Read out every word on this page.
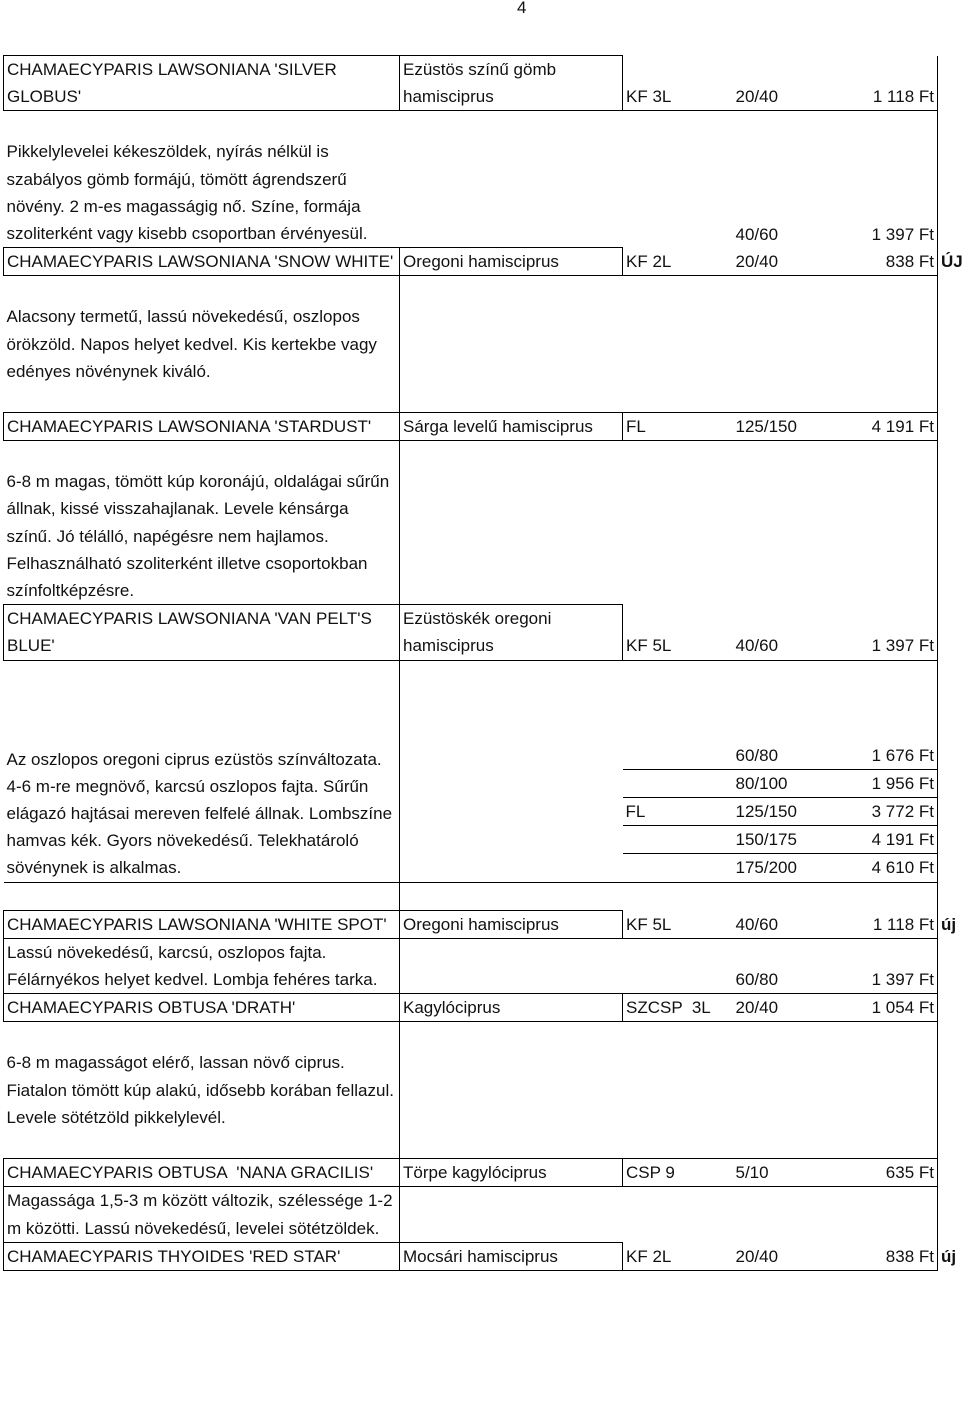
4
CHAMAECYPARIS LAWSONIANA 'SILVER GLOBUS'	Ezüstös színű gömb hamisciprus	KF 3L	20/40	1 118 Ft

Pikkelylevelei kékeszöldek, nyírás nélkül is szabályos gömb formájú, tömött ágrendszerű növény. 2 m-es magasságig nő. Színe, formája szoliterként vagy kisebb csoportban érvényesül.			40/60	1 397 Ft
CHAMAECYPARIS LAWSONIANA 'SNOW WHITE'	Oregoni hamisciprus	KF 2L	20/40	838 Ft ÚJ

Alacsony termetű, lassú növekedésű, oszlopos örökzöld. Napos helyet kedvel. Kis kertekbe vagy edényes növénynek kiváló.				

CHAMAECYPARIS LAWSONIANA 'STARDUST'	Sárga levelű hamisciprus	FL	125/150	4 191 Ft

6-8 m magas, tömött kúp koronájú, oldalágai sűrűn állnak, kissé visszahajlanak. Levele kénsárga színű. Jó télálló, napégésre nem hajlamos. Felhasználható szoliterként illetve csoportokban színfoltképzésre.				
CHAMAECYPARIS LAWSONIANA 'VAN PELT'S BLUE'	Ezüstöskék oregoni hamisciprus	KF 5L	40/60	1 397 Ft

Az oszlopos oregoni ciprus ezüstös színváltozata. 4-6 m-re megnövő, karcsú oszlopos fajta. Sűrűn elágazó hajtásai mereven felfelé állnak. Lombszíne hamvas kék. Gyors növekedésű. Telekhatároló sövénynek is alkalmas.				
			60/80	1 676 Ft
			80/100	1 956 Ft
		FL	125/150	3 772 Ft
			150/175	4 191 Ft
			175/200	4 610 Ft

CHAMAECYPARIS LAWSONIANA 'WHITE SPOT'	Oregoni hamisciprus	KF 5L	40/60	1 118 Ft új

Lassú növekedésű, karcsú, oszlopos fajta. Félárnyékos helyet kedvel. Lombja fehéres tarka.			60/80	1 397 Ft
CHAMAECYPARIS OBTUSA 'DRATH'	Kagylóciprus	SZCSP  3L	20/40	1 054 Ft

6-8 m magasságot elérő, lassan növő ciprus. Fiatalon tömött kúp alakú, idősebb korában fellazul. Levele sötétzöld pikkelylevél.				

CHAMAECYPARIS OBTUSA  'NANA GRACILIS'	Törpe kagylóciprus	CSP 9	5/10	635 Ft
Magassága 1,5-3 m között változik, szélessége 1-2 m közötti. Lassú növekedésű, levelei sötétzöldek.				
CHAMAECYPARIS THYOIDES 'RED STAR'	Mocsári hamisciprus	KF 2L	20/40	838 Ft új
